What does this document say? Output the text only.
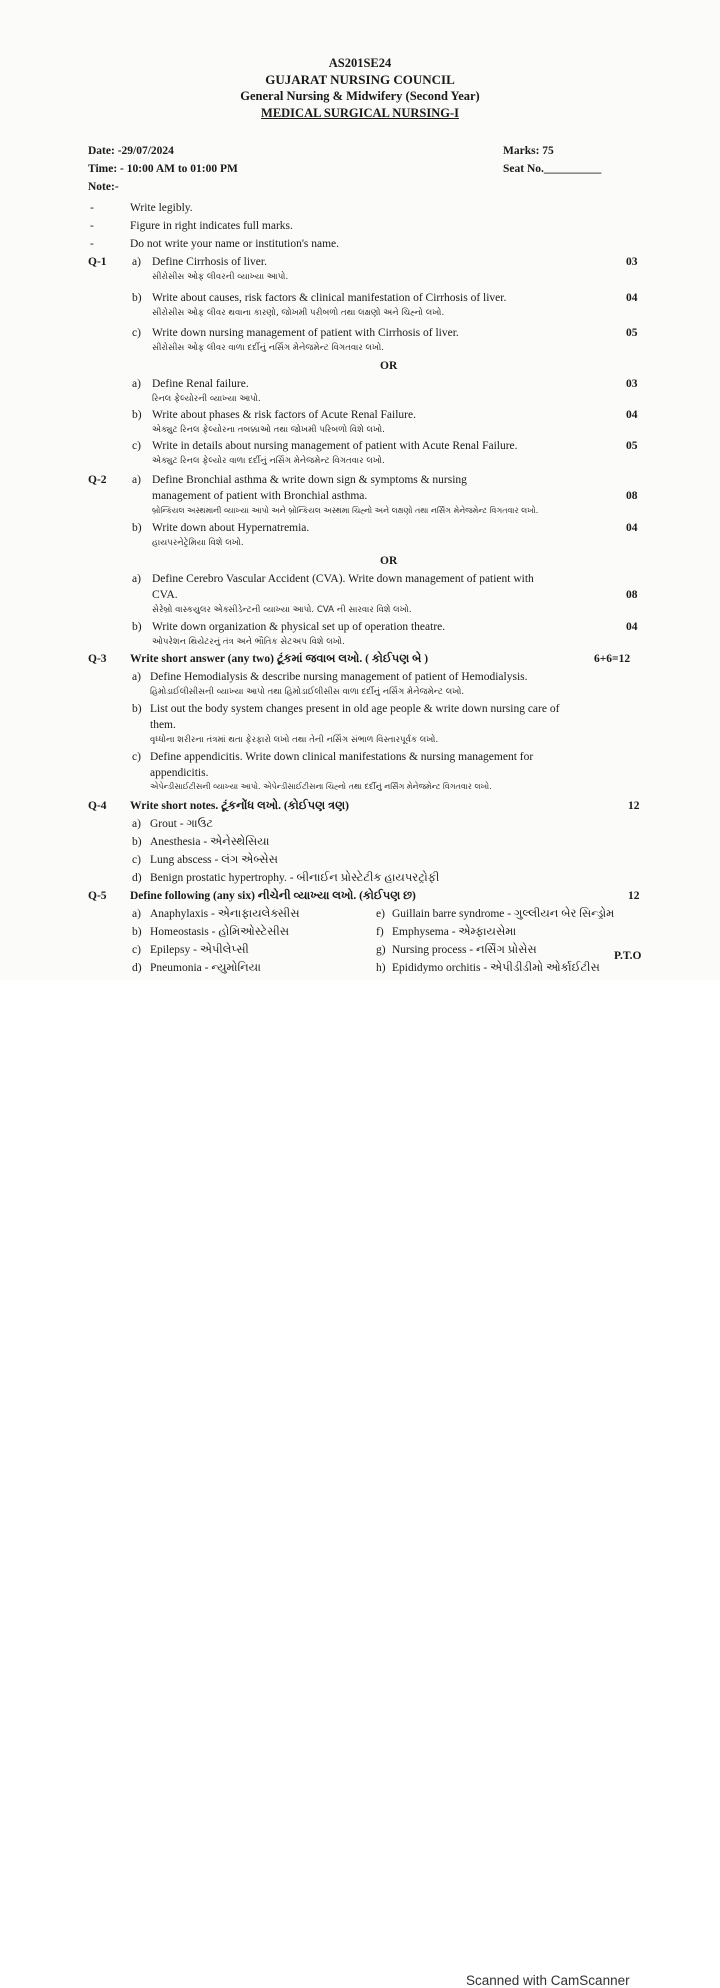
AS201SE24
GUJARAT NURSING COUNCIL
General Nursing & Midwifery (Second Year)
MEDICAL SURGICAL NURSING-I
Date: -29/07/2024
Time: - 10:00 AM to 01:00 PM
Note:-
Marks: 75
Seat No.__________
-	Write legibly.
-	Figure in right indicates full marks.
-	Do not write your name or institution's name.
Q-1 a) Define Cirrhosis of liver.
સીરોસીસ ઓફ લીવરની વ્યાખ્યા આપો.
03
b) Write about causes, risk factors & clinical manifestation of Cirrhosis of liver.
સીરોસીસ ઓફ લીવર થવાના કારણો, જોખમી પરીબળો તથા લક્ષણો અને ચિહ્નો લખો.
04
c) Write down nursing management of patient with Cirrhosis of liver.
સીરોસીસ ઓફ લીવર વાળા દર્દીનું નર્સિંગ મેનેજમેન્ટ વિગતવાર લખો.
05
OR
a) Define Renal failure.
રિનલ ફેલ્યોરની વ્યાખ્યા આપો.
03
b) Write about phases & risk factors of Acute Renal Failure.
એક્યુટ રિનલ ફેલ્યોરના તબક્કાઓ તથા જોખમી પરિબળો વિશે લખો.
04
c) Write in details about nursing management of patient with Acute Renal Failure.
એક્યુટ રિનલ ફેલ્યોર વાળા દર્દીનું નર્સિંગ મેનેજમેન્ટ વિગતવાર લખો.
05
Q-2 a) Define Bronchial asthma & write down sign & symptoms & nursing
management of patient with Bronchial asthma.
બ્રોન્કિયલ અસ્થમાની વ્યાખ્યા આપો અને બ્રોન્કિયલ અસ્થમા ચિહ્નો અને લક્ષણો તથા નર્સિંગ મેનેજમેન્ટ વિગતવાર લખો.
08
b) Write down about Hypernatremia.
હાયપરનેટ્રેમિયા વિશે લખો.
04
OR
a) Define Cerebro Vascular Accident (CVA). Write down management of patient with
CVA.
સેરેબ્રો વાસ્કયુલર એક્સીડેન્ટની વ્યાખ્યા આપો. CVA ની સારવાર વિશે લખો.
08
b) Write down organization & physical set up of operation theatre.
ઓપરેશન થિયેટરનું તંત્ર અને ભૌતિક સેટઅપ વિશે લખો.
04
Q-3 Write short answer (any two) ટૂંકમાં જવાબ લખો. ( કોઈપણ બે )	6+6=12
a) Define Hemodialysis & describe nursing management of patient of Hemodialysis.
હિમોડાઈલીસીસની વ્યાખ્યા આપો તથા હિમોડાઈલીસીસ વાળા દર્દીનું નર્સિંગ મેનેજમેન્ટ લખો.
b) List out the body system changes present in old age people & write down nursing care of
them.
વૃધ્ધોના શરીરના તંત્રમાં થતા ફેરફારો લખો તથા તેની નર્સિંગ સંભાળ વિસ્તારપૂર્વક લખો.
c) Define appendicitis. Write down clinical manifestations & nursing management for
appendicitis.
એપેન્ડીસાઈટીસની વ્યાખ્યા આપો. એપેન્ડીસાઈટીસના ચિહ્નો તથા દર્દીનું નર્સિંગ મેનેજમેન્ટ વિગતવાર લખો.
Q-4 Write short notes. ટૂંકનોંધ લખો. (કોઈપણ ત્રણ)	12
a) Grout - ગાઉટ
b) Anesthesia - એનેસ્થેસિયા
c) Lung abscess - લંગ એબ્સેસ
d) Benign prostatic hypertrophy. - બીનાઈન પ્રોસ્ટેટીક હાયપરટ્રોફી
Q-5 Define following (any six) નીચેની વ્યાખ્યા લખો. (કોઈપણ છ)	12
a) Anaphylaxis - એનાફાયલેક્સીસ
b) Homeostasis - હોમિઓસ્ટેસીસ
c) Epilepsy - એપીલેપ્સી
d) Pneumonia - ન્યુમોનિયા
e) Guillain barre syndrome - ગુલ્લીયન બેર સિન્ડ્રોમ
f) Emphysema - એમ્ફાયસેમા
g) Nursing process - નર્સિંગ પ્રોસેસ
h) Epididymo orchitis - એપીડીડીમો ઓર્કાઈટીસ
P.T.O
Scanned with CamScanner
